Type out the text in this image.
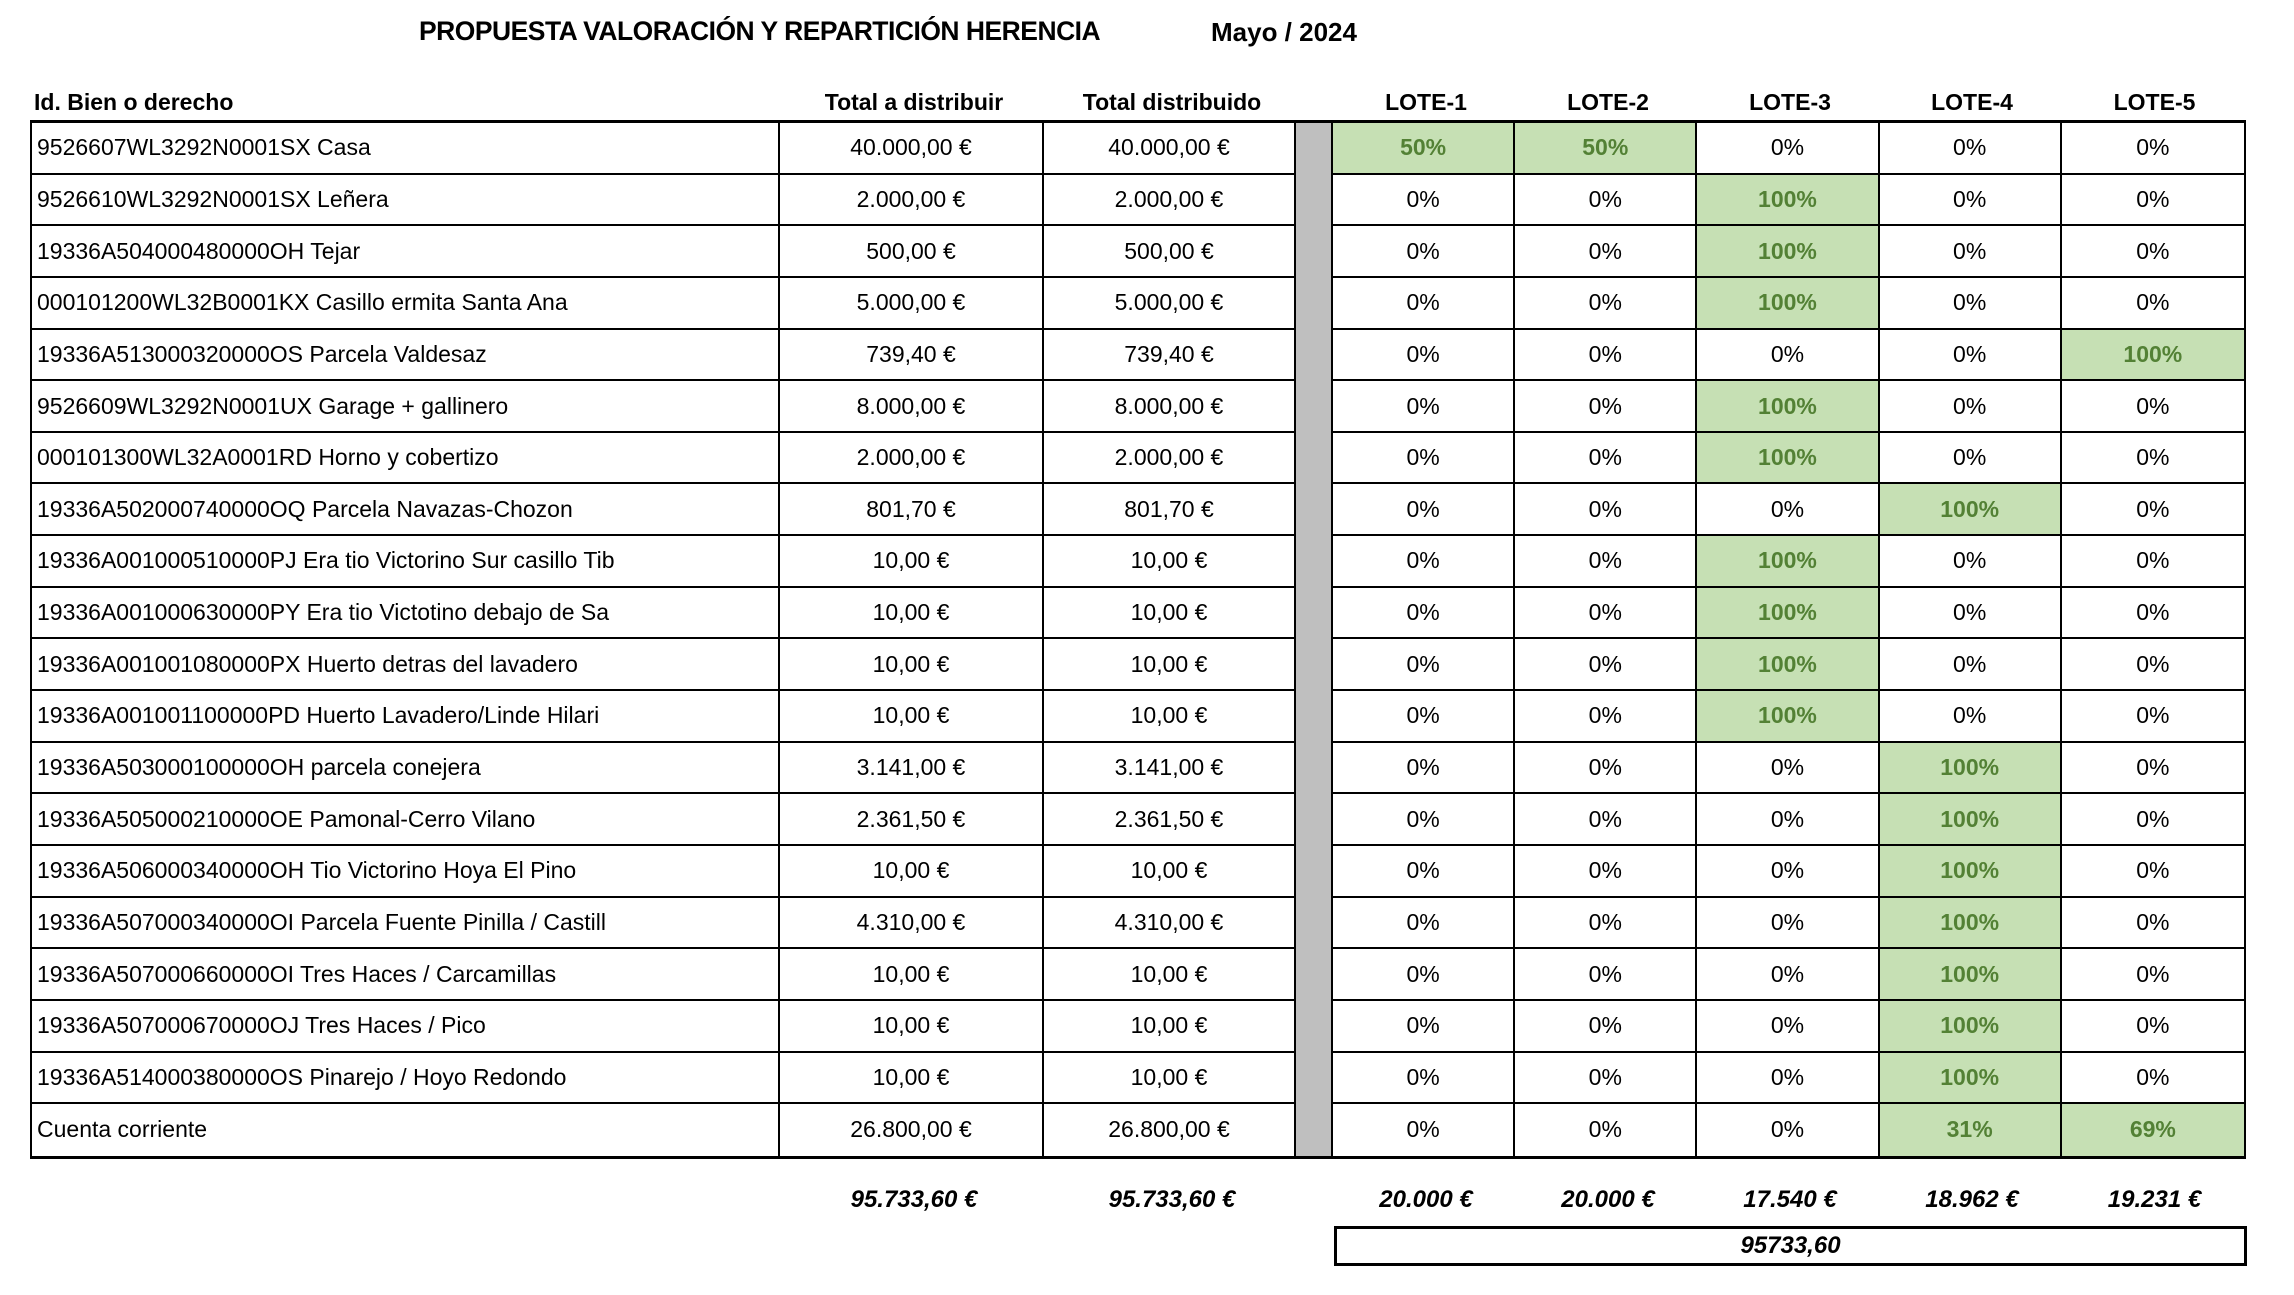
PROPUESTA VALORACIÓN Y REPARTICIÓN HERENCIA	Mayo / 2024
Id. Bien o derecho	Total a distribuir	Total distribuido	LOTE-1	LOTE-2	LOTE-3	LOTE-4	LOTE-5
9526607WL3292N0001SX Casa	40.000,00 €	40.000,00 €	50%	50%	0%	0%	0%
9526610WL3292N0001SX Leñera	2.000,00 €	2.000,00 €	0%	0%	100%	0%	0%
19336A504000480000OH Tejar	500,00 €	500,00 €	0%	0%	100%	0%	0%
000101200WL32B0001KX Casillo ermita Santa Ana	5.000,00 €	5.000,00 €	0%	0%	100%	0%	0%
19336A513000320000OS Parcela Valdesaz	739,40 €	739,40 €	0%	0%	0%	0%	100%
9526609WL3292N0001UX Garage + gallinero	8.000,00 €	8.000,00 €	0%	0%	100%	0%	0%
000101300WL32A0001RD Horno y cobertizo	2.000,00 €	2.000,00 €	0%	0%	100%	0%	0%
19336A502000740000OQ Parcela Navazas-Chozon	801,70 €	801,70 €	0%	0%	0%	100%	0%
19336A001000510000PJ Era tio Victorino Sur casillo Tib	10,00 €	10,00 €	0%	0%	100%	0%	0%
19336A001000630000PY Era tio Victotino debajo de Sa	10,00 €	10,00 €	0%	0%	100%	0%	0%
19336A001001080000PX Huerto detras del lavadero	10,00 €	10,00 €	0%	0%	100%	0%	0%
19336A001001100000PD Huerto Lavadero/Linde Hilari	10,00 €	10,00 €	0%	0%	100%	0%	0%
19336A503000100000OH parcela conejera	3.141,00 €	3.141,00 €	0%	0%	0%	100%	0%
19336A505000210000OE Pamonal-Cerro Vilano	2.361,50 €	2.361,50 €	0%	0%	0%	100%	0%
19336A506000340000OH Tio Victorino Hoya El Pino	10,00 €	10,00 €	0%	0%	0%	100%	0%
19336A507000340000OI Parcela Fuente Pinilla / Castill	4.310,00 €	4.310,00 €	0%	0%	0%	100%	0%
19336A507000660000OI Tres Haces / Carcamillas	10,00 €	10,00 €	0%	0%	0%	100%	0%
19336A507000670000OJ Tres Haces / Pico	10,00 €	10,00 €	0%	0%	0%	100%	0%
19336A514000380000OS Pinarejo / Hoyo Redondo	10,00 €	10,00 €	0%	0%	0%	100%	0%
Cuenta corriente	26.800,00 €	26.800,00 €	0%	0%	0%	31%	69%
95.733,60 €	95.733,60 €	20.000 €	20.000 €	17.540 €	18.962 €	19.231 €
95733,60
